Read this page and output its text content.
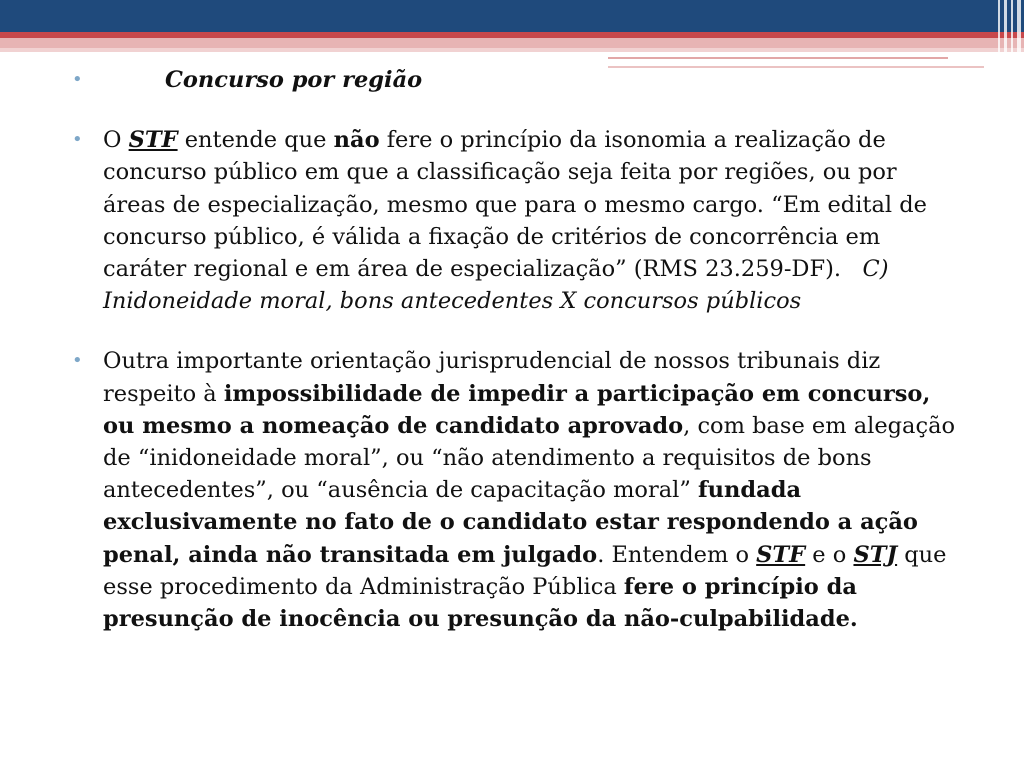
•	Concurso por região

• O STF entende que não fere o princípio da isonomia a realização de concurso público em que a classificação seja feita por regiões, ou por áreas de especialização, mesmo que para o mesmo cargo. “Em edital de concurso público, é válida a fixação de critérios de concorrência em caráter regional e em área de especialização” (RMS 23.259-DF). C) Inidoneidade moral, bons antecedentes X concursos públicos

• Outra importante orientação jurisprudencial de nossos tribunais diz respeito à impossibilidade de impedir a participação em concurso, ou mesmo a nomeação de candidato aprovado, com base em alegação de “inidoneidade moral”, ou “não atendimento a requisitos de bons antecedentes”, ou “ausência de capacitação moral” fundada exclusivamente no fato de o candidato estar respondendo a ação penal, ainda não transitada em julgado. Entendem o STF e o STJ que esse procedimento da Administração Pública fere o princípio da presunção de inocência ou presunção da não-culpabilidade.
